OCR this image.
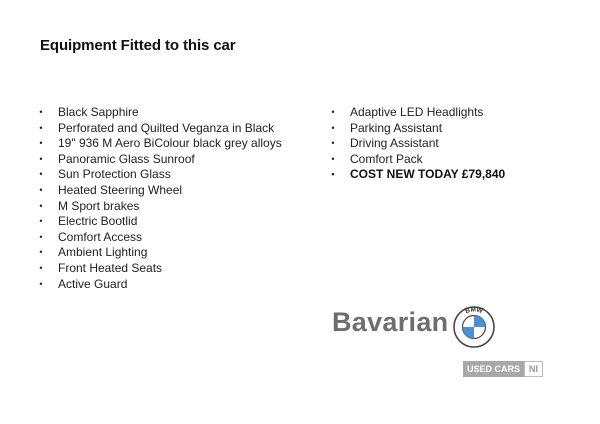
Equipment Fitted to this car
• Black Sapphire
• Perforated and Quilted Veganza in Black
• 19" 936 M Aero BiColour black grey alloys
• Panoramic Glass Sunroof
• Sun Protection Glass
• Heated Steering Wheel
• M Sport brakes
• Electric Bootlid
• Comfort Access
• Ambient Lighting
• Front Heated Seats
• Active Guard
• Adaptive LED Headlights
• Parking Assistant
• Driving Assistant
• Comfort Pack
• COST NEW TODAY £79,840
Bavarian BMW
USED CARS	NI
